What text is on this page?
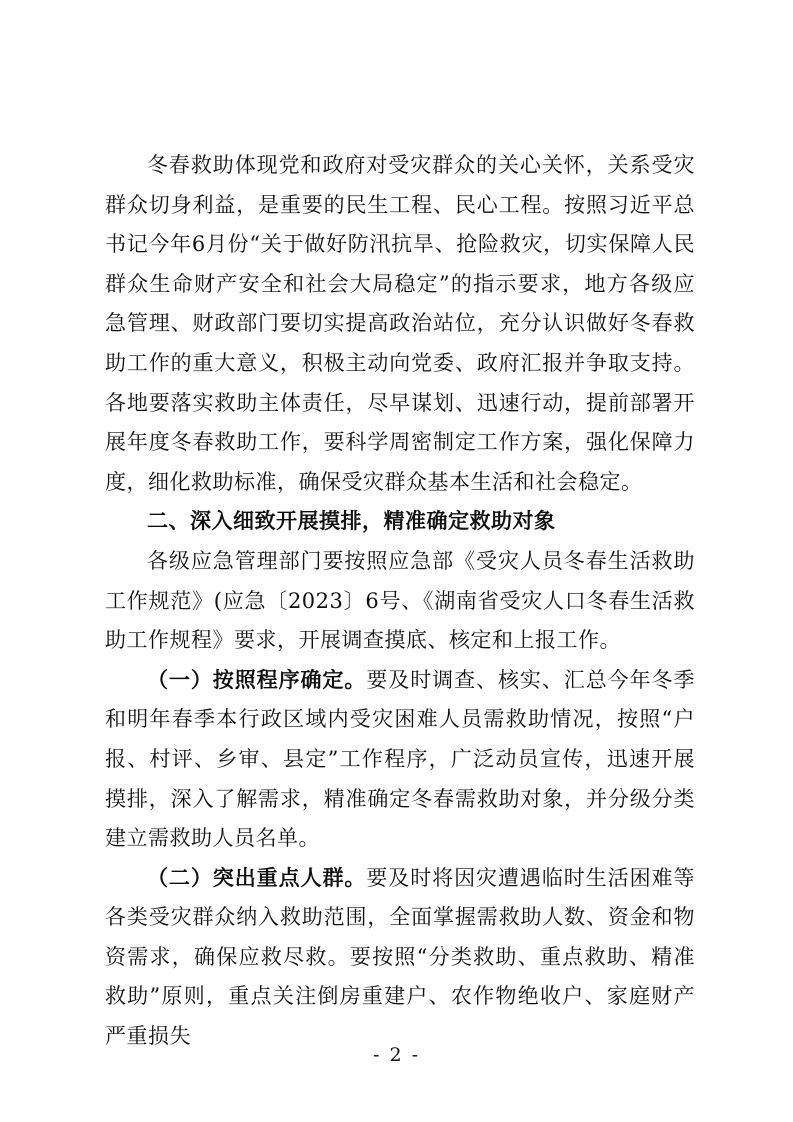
冬春救助体现党和政府对受灾群众的关心关怀，关系受灾群众切身利益，是重要的民生工程、民心工程。按照习近平总书记今年6月份“关于做好防汛抗旱、抢险救灾，切实保障人民群众生命财产安全和社会大局稳定”的指示要求，地方各级应急管理、财政部门要切实提高政治站位，充分认识做好冬春救助工作的重大意义，积极主动向党委、政府汇报并争取支持。各地要落实救助主体责任，尽早谋划、迅速行动，提前部署开展年度冬春救助工作，要科学周密制定工作方案，强化保障力度，细化救助标准，确保受灾群众基本生活和社会稳定。

二、深入细致开展摸排，精准确定救助对象

各级应急管理部门要按照应急部《受灾人员冬春生活救助工作规范》(应急〔2023〕6号、《湖南省受灾人口冬春生活救助工作规程》要求，开展调查摸底、核定和上报工作。

（一）按照程序确定。要及时调查、核实、汇总今年冬季和明年春季本行政区域内受灾困难人员需救助情况，按照“户报、村评、乡审、县定”工作程序，广泛动员宣传，迅速开展摸排，深入了解需求，精准确定冬春需救助对象，并分级分类建立需救助人员名单。

（二）突出重点人群。要及时将因灾遭遇临时生活困难等各类受灾群众纳入救助范围，全面掌握需救助人数、资金和物资需求，确保应救尽救。要按照“分类救助、重点救助、精准救助”原则，重点关注倒房重建户、农作物绝收户、家庭财产严重损失

- 2 -
